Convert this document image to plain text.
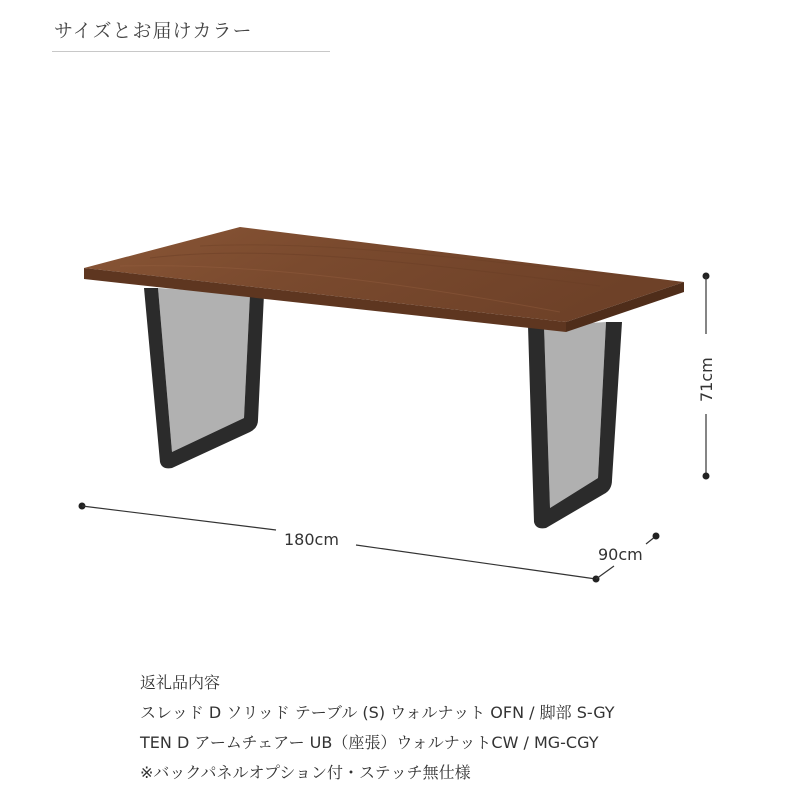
サイズとお届けカラー
180cm
90cm
71cm
返礼品内容
スレッド D ソリッド テーブル (S) ウォルナット OFN / 脚部 S-GY
TEN D アームチェアー UB（座張）ウォルナットCW / MG-CGY
※バックパネルオプション付・ステッチ無仕様
